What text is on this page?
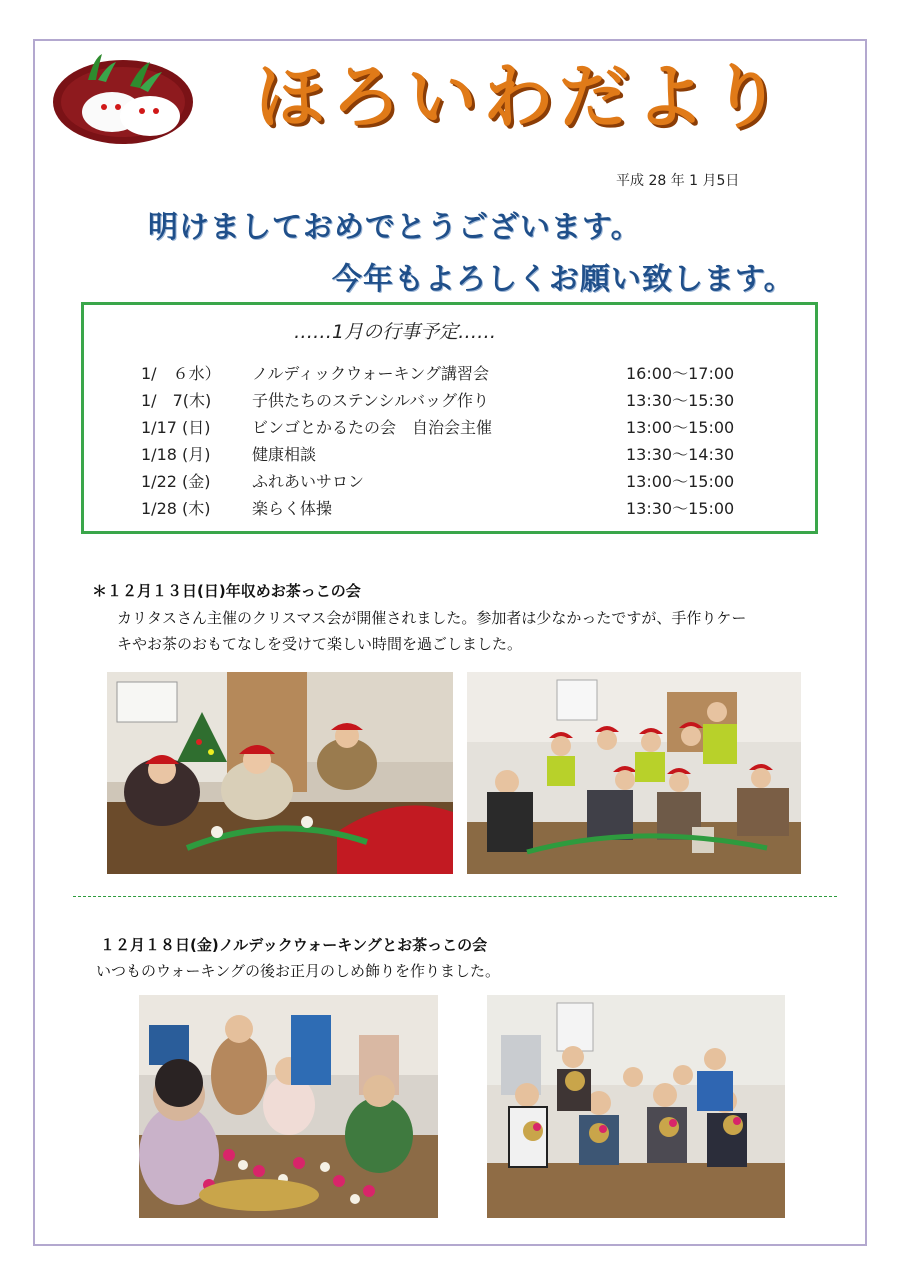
ほろいわだより
平成 28 年 1 月5日
明けましておめでとうございます。
今年もよろしくお願い致します。
……1月の行事予定……
1/　６水） ノルディックウォーキング講習会	16:00～17:00
1/　7(木)	子供たちのステンシルバッグ作り	13:30～15:30
1/17 (日)	ビンゴとかるたの会　自治会主催	13:00～15:00
1/18 (月)	健康相談	13:30～14:30
1/22 (金)	ふれあいサロン	13:00～15:00
1/28 (木)	楽らく体操	13:30～15:00
＊１２月１３日(日)年収めお茶っこの会
カリタスさん主催のクリスマス会が開催されました。参加者は少なかったですが、手作りケー
キやお茶のおもてなしを受けて楽しい時間を過ごしました。
１２月１８日(金)ノルデックウォーキングとお茶っこの会
いつものウォーキングの後お正月のしめ飾りを作りました。
